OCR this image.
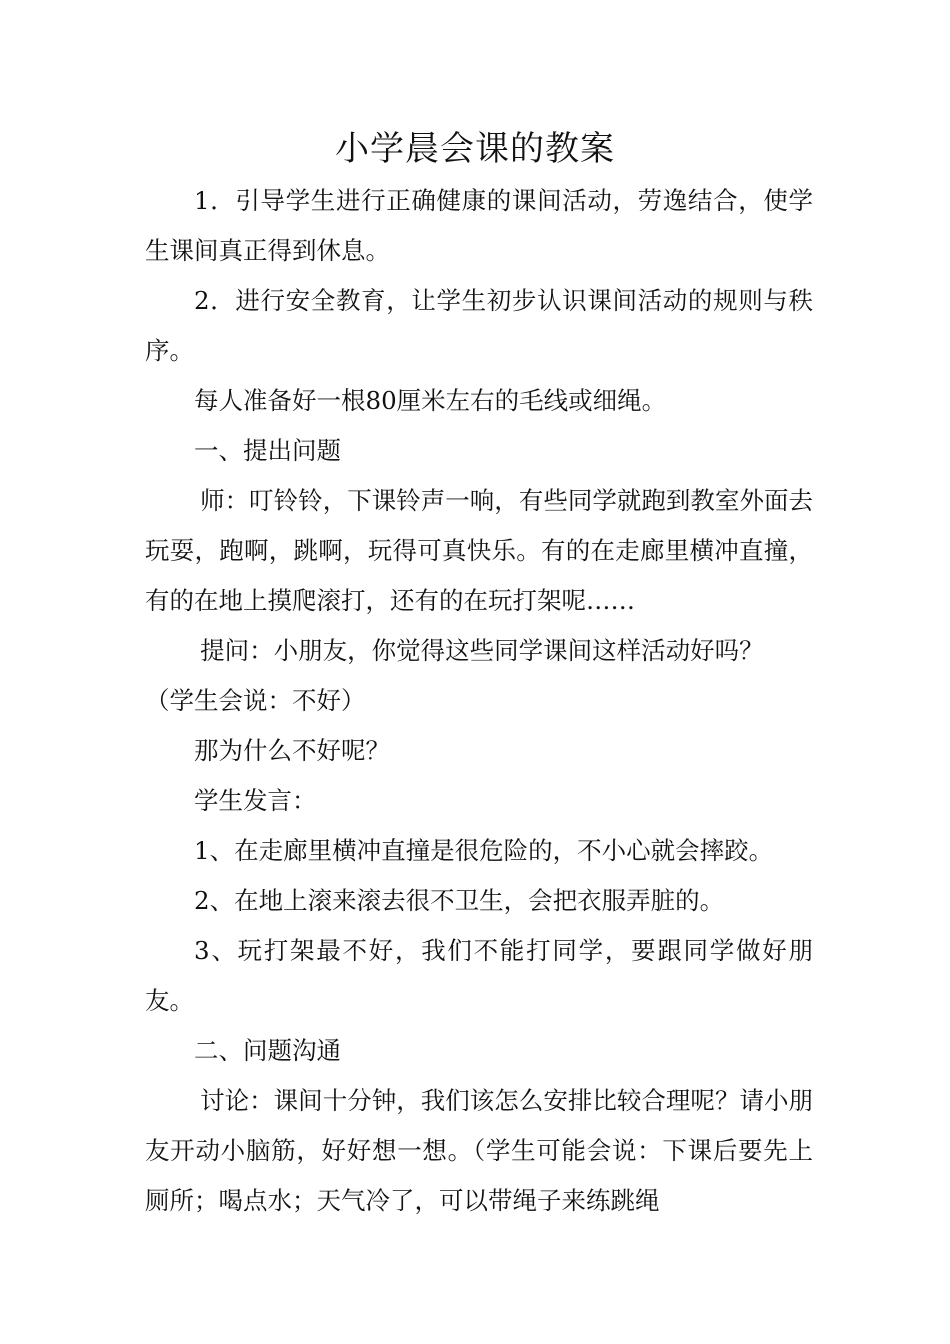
小学晨会课的教案

1．引导学生进行正确健康的课间活动，劳逸结合，使学生课间真正得到休息。

2．进行安全教育，让学生初步认识课间活动的规则与秩序。

每人准备好一根80厘米左右的毛线或细绳。

一、提出问题

师：叮铃铃，下课铃声一响，有些同学就跑到教室外面去玩耍，跑啊，跳啊，玩得可真快乐。有的在走廊里横冲直撞，有的在地上摸爬滚打，还有的在玩打架呢……

提问：小朋友，你觉得这些同学课间这样活动好吗？

（学生会说：不好）

那为什么不好呢？

学生发言：

1、在走廊里横冲直撞是很危险的，不小心就会摔跤。

2、在地上滚来滚去很不卫生，会把衣服弄脏的。

3、玩打架最不好，我们不能打同学，要跟同学做好朋友。

二、问题沟通

讨论：课间十分钟，我们该怎么安排比较合理呢？请小朋友开动小脑筋，好好想一想。（学生可能会说：下课后要先上厕所；喝点水；天气冷了，可以带绳子来练跳绳
